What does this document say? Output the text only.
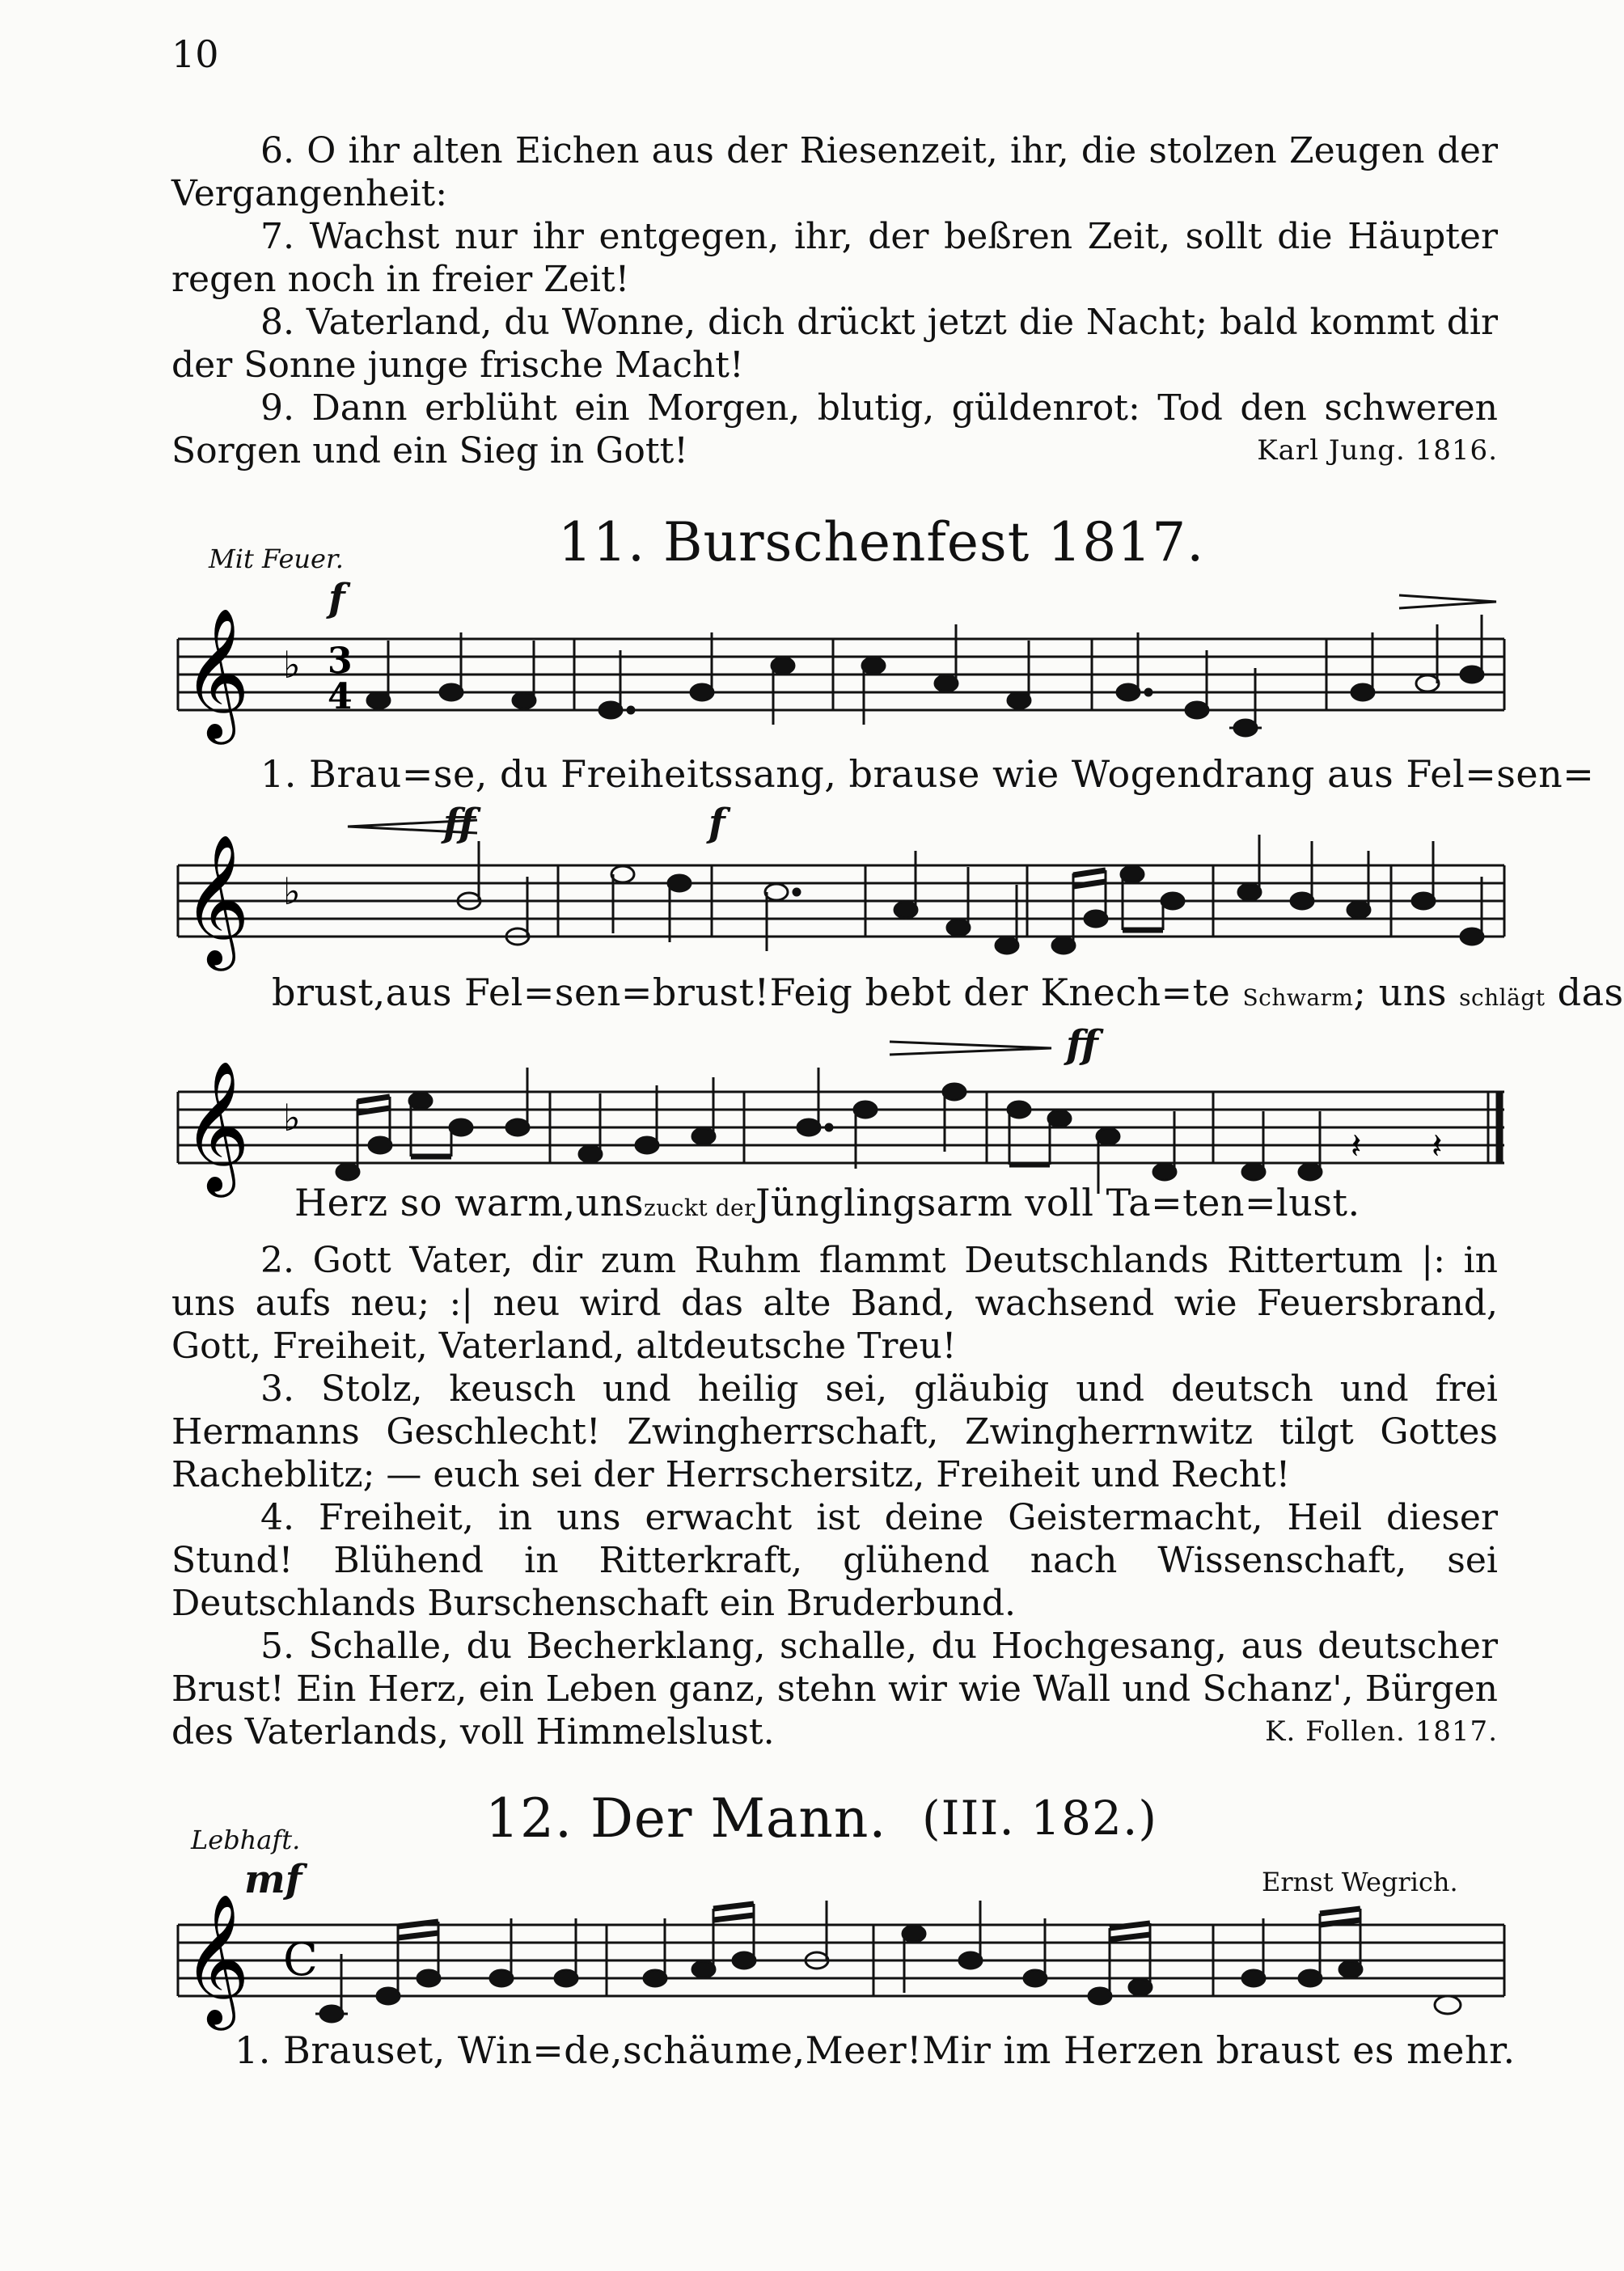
10

6. O ihr alten Eichen aus der Riesenzeit, ihr, die stolzen Zeugen der Vergangenheit:

7. Wachst nur ihr entgegen, ihr, der beßren Zeit, sollt die Häupter regen noch in freier Zeit!

8. Vaterland, du Wonne, dich drückt jetzt die Nacht; bald kommt dir der Sonne junge frische Macht!

9. Dann erblüht ein Morgen, blutig, güldenrot: Tod den schweren Sorgen und ein Sieg in Gott!	Karl Jung. 1816.

Mit Feuer.	11. Burschenfest 1817.
f
𝄞 ♭ 3
4
1. Brau=se, du Freiheitssang, brause wie Wogendrang aus Fel=sen=
ff	f
𝄞 ♭
brust,aus Fel=sen=brust!Feig bebt der Knech=te Schwarm; uns schlägt das
ff
𝄞 ♭
𝄽 𝄽
Herz so warm,unszuckt derJünglingsarm voll Ta=ten=lust.

2. Gott Vater, dir zum Ruhm flammt Deutschlands Rittertum |: in uns aufs neu; :| neu wird das alte Band, wachsend wie Feuersbrand, Gott, Freiheit, Vaterland, altdeutsche Treu!

3. Stolz, keusch und heilig sei, gläubig und deutsch und frei Hermanns Geschlecht! Zwingherrschaft, Zwingherrnwitz tilgt Gottes Racheblitz; — euch sei der Herrschersitz, Freiheit und Recht!

4. Freiheit, in uns erwacht ist deine Geistermacht, Heil dieser Stund! Blühend in Ritterkraft, glühend nach Wissenschaft, sei Deutschlands Burschenschaft ein Bruderbund.

5. Schalle, du Becherklang, schalle, du Hochgesang, aus deutscher Brust! Ein Herz, ein Leben ganz, stehn wir wie Wall und Schanz', Bürgen des Vaterlands, voll Himmelslust.	K. Follen. 1817.

Lebhaft.	12. Der Mann. (III. 182.)
Ernst Wegrich.
mf
𝄞 C
1. Brauset, Win=de,schäume,Meer!Mir im Herzen braust es mehr.
